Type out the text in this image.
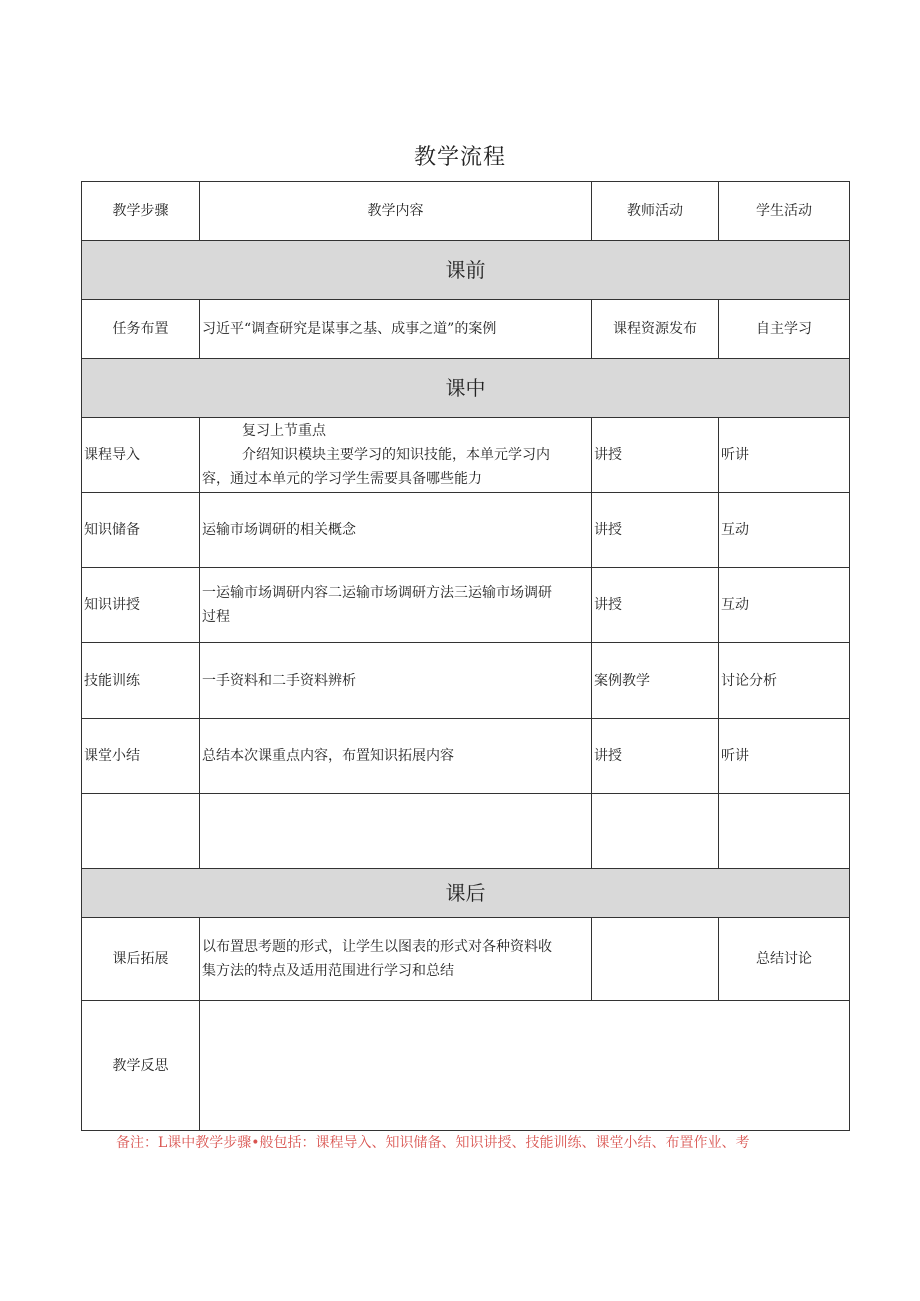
教学流程
教学步骤	教学内容	教师活动	学生活动
课前			
任务布置	习近平“调查研究是谋事之基、成事之道”的案例	课程资源发布	自主学习
课中			
课程导入	复习上节重点
介绍知识模块主要学习的知识技能，本单元学习内
容，通过本单元的学习学生需要具备哪些能力	讲授	听讲
知识储备	运输市场调研的相关概念	讲授	互动
知识讲授	一运输市场调研内容二运输市场调研方法三运输市场调研
过程	讲授	互动
技能训练	一手资料和二手资料辨析	案例教学	讨论分析
课堂小结	总结本次课重点内容，布置知识拓展内容	讲授	听讲

课后			
课后拓展	以布置思考题的形式，让学生以图表的形式对各种资料收
集方法的特点及适用范围进行学习和总结		总结讨论
教学反思			
备注：L课中教学步骤•般包括：课程导入、知识储备、知识讲授、技能训练、课堂小结、布置作业、考
